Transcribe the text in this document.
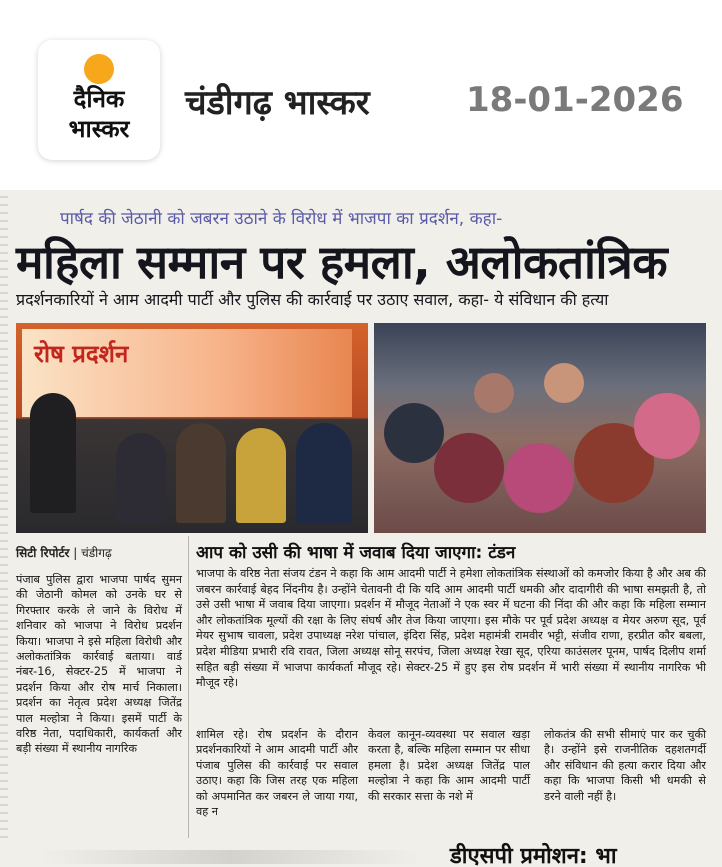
दैनिक
भास्कर
चंडीगढ़ भास्कर	18-01-2026
पार्षद की जेठानी को जबरन उठाने के विरोध में भाजपा का प्रदर्शन, कहा-
महिला सम्मान पर हमला, अलोकतांत्रिक
प्रदर्शनकारियों ने आम आदमी पार्टी और पुलिस की कार्रवाई पर उठाए सवाल, कहा- ये संविधान की हत्या
रोष प्रदर्शन
सिटी रिपोर्टर | चंडीगढ़	आप को उसी की भाषा में जवाब दिया जाएगा: टंडन
पंजाब पुलिस द्वारा भाजपा पार्षद सुमन की जेठानी कोमल को उनके घर से गिरफ्तार करके ले जाने के विरोध में शनिवार को भाजपा ने विरोध प्रदर्शन किया। भाजपा ने इसे महिला विरोधी और अलोकतांत्रिक कार्रवाई बताया। वार्ड नंबर-16, सेक्टर-25 में भाजपा ने प्रदर्शन किया और रोष मार्च निकाला। प्रदर्शन का नेतृत्व प्रदेश अध्यक्ष जितेंद्र पाल मल्होत्रा ने किया। इसमें पार्टी के वरिष्ठ नेता, पदाधिकारी, कार्यकर्ता और बड़ी संख्या में स्थानीय नागरिक
भाजपा के वरिष्ठ नेता संजय टंडन ने कहा कि आम आदमी पार्टी ने हमेशा लोकतांत्रिक संस्थाओं को कमजोर किया है और अब की जबरन कार्रवाई बेहद निंदनीय है। उन्होंने चेतावनी दी कि यदि आम आदमी पार्टी धमकी और दादागीरी की भाषा समझती है, तो उसे उसी भाषा में जवाब दिया जाएगा। प्रदर्शन में मौजूद नेताओं ने एक स्वर में घटना की निंदा की और कहा कि महिला सम्मान और लोकतांत्रिक मूल्यों की रक्षा के लिए संघर्ष और तेज किया जाएगा। इस मौके पर पूर्व प्रदेश अध्यक्ष व मेयर अरुण सूद, पूर्व मेयर सुभाष चावला, प्रदेश उपाध्यक्ष नरेश पांचाल, इंदिरा सिंह, प्रदेश महामंत्री रामवीर भट्टी, संजीव राणा, हरप्रीत कौर बबला, प्रदेश मीडिया प्रभारी रवि रावत, जिला अध्यक्ष सोनू सरपंच, जिला अध्यक्ष रेखा सूद, एरिया काउंसलर पूनम, पार्षद दिलीप शर्मा सहित बड़ी संख्या में भाजपा कार्यकर्ता मौजूद रहे। सेक्टर-25 में हुए इस रोष प्रदर्शन में भारी संख्या में स्थानीय नागरिक भी मौजूद रहे।
शामिल रहे। रोष प्रदर्शन के दौरान प्रदर्शनकारियों ने आम आदमी पार्टी और पंजाब पुलिस की कार्रवाई पर सवाल उठाए। कहा कि जिस तरह एक महिला को अपमानित कर जबरन ले जाया गया, वह न
केवल कानून-व्यवस्था पर सवाल खड़ा करता है, बल्कि महिला सम्मान पर सीधा हमला है। प्रदेश अध्यक्ष जितेंद्र पाल मल्होत्रा ने कहा कि आम आदमी पार्टी की सरकार सत्ता के नशे में
लोकतंत्र की सभी सीमाएं पार कर चुकी है। उन्होंने इसे राजनीतिक दहशतगर्दी और संविधान की हत्या करार दिया और कहा कि भाजपा किसी भी धमकी से डरने वाली नहीं है।
डीएसपी प्रमोशन: भा
